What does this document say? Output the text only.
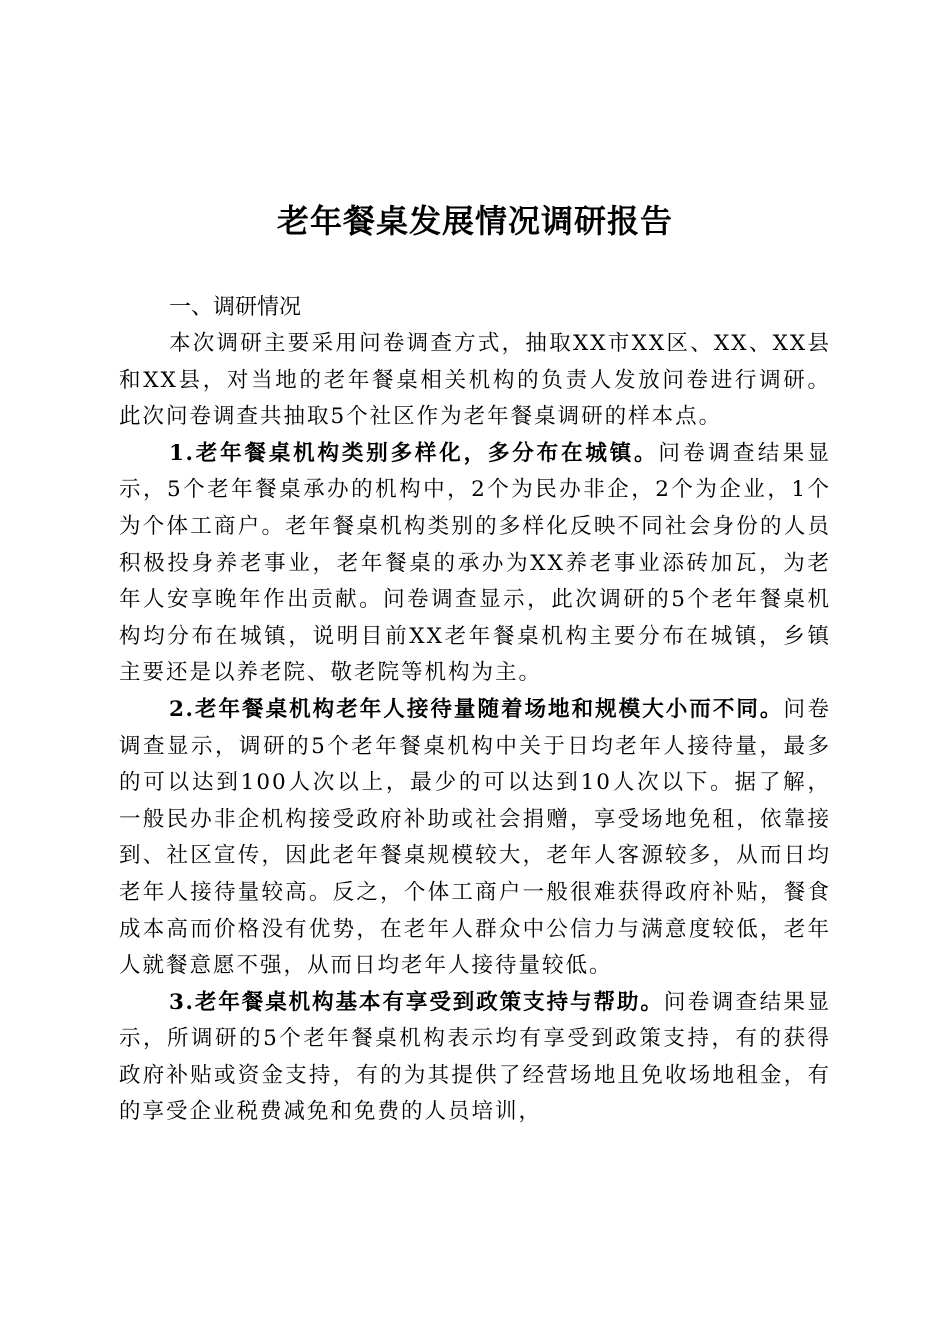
老年餐桌发展情况调研报告
一、调研情况

本次调研主要采用问卷调查方式，抽取XX市XX区、XX、XX县和XX县，对当地的老年餐桌相关机构的负责人发放问卷进行调研。此次问卷调查共抽取5个社区作为老年餐桌调研的样本点。

1.老年餐桌机构类别多样化，多分布在城镇。问卷调查结果显示，5个老年餐桌承办的机构中，2个为民办非企，2个为企业，1个为个体工商户。老年餐桌机构类别的多样化反映不同社会身份的人员积极投身养老事业，老年餐桌的承办为XX养老事业添砖加瓦，为老年人安享晚年作出贡献。问卷调查显示，此次调研的5个老年餐桌机构均分布在城镇，说明目前XX老年餐桌机构主要分布在城镇，乡镇主要还是以养老院、敬老院等机构为主。

2.老年餐桌机构老年人接待量随着场地和规模大小而不同。问卷调查显示，调研的5个老年餐桌机构中关于日均老年人接待量，最多的可以达到100人次以上，最少的可以达到10人次以下。据了解，一般民办非企机构接受政府补助或社会捐赠，享受场地免租，依靠接到、社区宣传，因此老年餐桌规模较大，老年人客源较多，从而日均老年人接待量较高。反之，个体工商户一般很难获得政府补贴，餐食成本高而价格没有优势，在老年人群众中公信力与满意度较低，老年人就餐意愿不强，从而日均老年人接待量较低。

3.老年餐桌机构基本有享受到政策支持与帮助。问卷调查结果显示，所调研的5个老年餐桌机构表示均有享受到政策支持，有的获得政府补贴或资金支持，有的为其提供了经营场地且免收场地租金，有的享受企业税费减免和免费的人员培训，
